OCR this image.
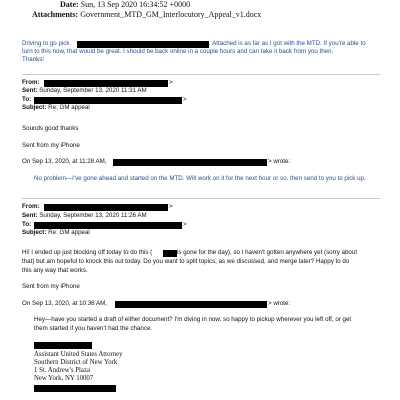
Date: Sun, 13 Sep 2020 16:34:52 +0000
Attachments: Government_MTD_GM_Interlocutory_Appeal_v1.docx
Driving to go pick	. Attached is as far as I got with the MTD. If you're able to
turn to this now, that would be great. I should be back online in a couple hours and can take it back from you then.
Thanks!
From:	>
Sent: Sunday, September 13, 2020 11:31 AM
To:	>
Subject: Re: GM appeal
Sounds good thanks
Sent from my iPhone
On Sep 13, 2020, at 11:28 AM,	> wrote:
No problem—I've gone ahead and started on the MTD. Will work on it for the next hour or so, then send to you to pick up.
From:	>
Sent: Sunday, September 13, 2020 11:26 AM
To:	>
Subject: Re: GM appeal
Hi! I ended up just blocking off today to do this (	is gone for the day), so I haven't gotten anywhere yet (sorry about
that) but am hopeful to knock this out today. Do you want to split topics, as we discussed, and merge later? Happy to do
this any way that works.
Sent from my iPhone
On Sep 13, 2020, at 10:36 AM,	> wrote:
Hey—have you started a draft of either document? I'm diving in now, so happy to pickup wherever you left off, or get
them started if you haven't had the chance.
Assistant United States Attorney
Southern District of New York
1 St. Andrew's Plaza
New York, NY 10007
